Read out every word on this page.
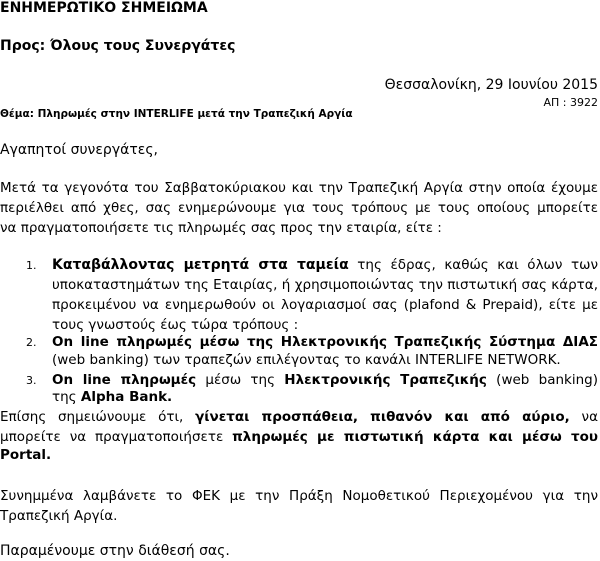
ΕΝΗΜΕΡΩΤΙΚΟ ΣΗΜΕΙΩΜΑ
Προς: Όλους τους Συνεργάτες
Θεσσαλονίκη, 29 Ιουνίου 2015
ΑΠ : 3922
Θέμα: Πληρωμές στην INTERLIFE μετά την Τραπεζική Αργία
Αγαπητοί συνεργάτες,
Μετά τα γεγονότα του Σαββατοκύριακου και την Τραπεζική Αργία στην οποία έχουμε
περιέλθει από χθες, σας ενημερώνουμε για τους τρόπους με τους οποίους μπορείτε
να πραγματοποιήσετε τις πληρωμές σας προς την εταιρία, είτε :
1. Καταβάλλοντας μετρητά στα ταμεία της έδρας, καθώς και όλων των
υποκαταστημάτων της Εταιρίας, ή χρησιμοποιώντας την πιστωτική σας κάρτα,
προκειμένου να ενημερωθούν οι λογαριασμοί σας (plafond & Prepaid), είτε με
τους γνωστούς έως τώρα τρόπους :
2. On line πληρωμές μέσω της Ηλεκτρονικής Τραπεζικής Σύστημα ΔΙΑΣ
(web banking) των τραπεζών επιλέγοντας το κανάλι INTERLIFE NETWORK.
3. On line πληρωμές μέσω της Ηλεκτρονικής Τραπεζικής (web banking)
της Alpha Bank.
Επίσης σημειώνουμε ότι, γίνεται προσπάθεια, πιθανόν και από αύριο, να
μπορείτε να πραγματοποιήσετε πληρωμές με πιστωτική κάρτα και μέσω του
Portal.
Συνημμένα λαμβάνετε το ΦΕΚ με την Πράξη Νομοθετικού Περιεχομένου για την
Τραπεζική Αργία.
Παραμένουμε στην διάθεσή σας.
